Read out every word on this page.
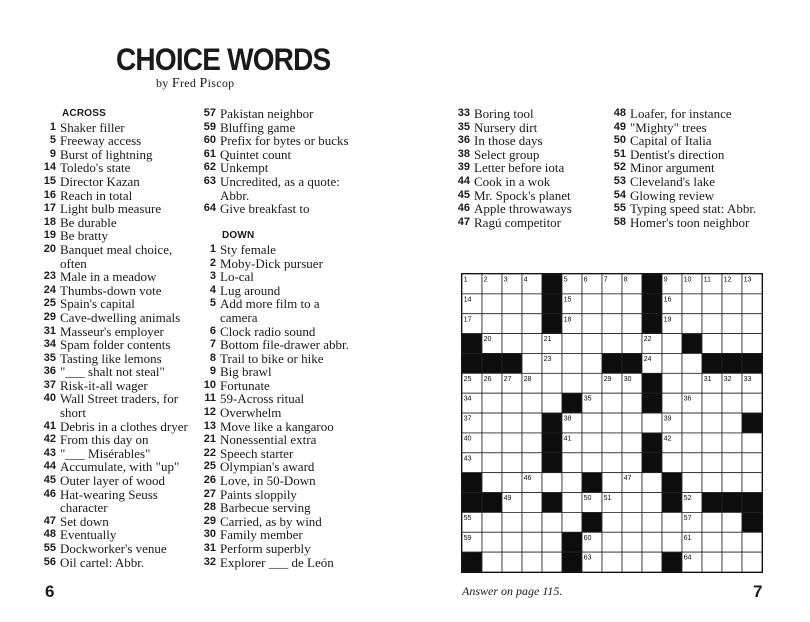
CHOICE WORDS
by Fred Piscop
ACROSS
1 Shaker filler
5 Freeway access
9 Burst of lightning
14 Toledo's state
15 Director Kazan
16 Reach in total
17 Light bulb measure
18 Be durable
19 Be bratty
20 Banquet meal choice, often
23 Male in a meadow
24 Thumbs-down vote
25 Spain's capital
29 Cave-dwelling animals
31 Masseur's employer
34 Spam folder contents
35 Tasting like lemons
36 "___ shalt not steal"
37 Risk-it-all wager
40 Wall Street traders, for short
41 Debris in a clothes dryer
42 From this day on
43 "___ Misérables"
44 Accumulate, with "up"
45 Outer layer of wood
46 Hat-wearing Seuss character
47 Set down
48 Eventually
55 Dockworker's venue
56 Oil cartel: Abbr.
57 Pakistan neighbor
59 Bluffing game
60 Prefix for bytes or bucks
61 Quintet count
62 Unkempt
63 Uncredited, as a quote: Abbr.
64 Give breakfast to
DOWN
1 Sty female
2 Moby-Dick pursuer
3 Lo-cal
4 Lug around
5 Add more film to a camera
6 Clock radio sound
7 Bottom file-drawer abbr.
8 Trail to bike or hike
9 Big brawl
10 Fortunate
11 59-Across ritual
12 Overwhelm
13 Move like a kangaroo
21 Nonessential extra
22 Speech starter
25 Olympian's award
26 Love, in 50-Down
27 Paints sloppily
28 Barbecue serving
29 Carried, as by wind
30 Family member
31 Perform superbly
32 Explorer ___ de León
33 Boring tool
35 Nursery dirt
36 In those days
38 Select group
39 Letter before iota
44 Cook in a wok
45 Mr. Spock's planet
46 Apple throwaways
47 Ragú competitor
48 Loafer, for instance
49 "Mighty" trees
50 Capital of Italia
51 Dentist's direction
52 Minor argument
53 Cleveland's lake
54 Glowing review
55 Typing speed stat: Abbr.
58 Homer's toon neighbor
1 2 3 4	5 6 7 8	9 10 11 12 13
14	15	16
17	18	19
20	21	22
23	24
25 26 27 28	29 30	31 32 33
34	35	36
37	38	39
40	41	42
43	44	45
46	47
48 49	50 51	52 53 54
55	56	57	58
59	60	61
62	63	64
6	Answer on page 115.	7
